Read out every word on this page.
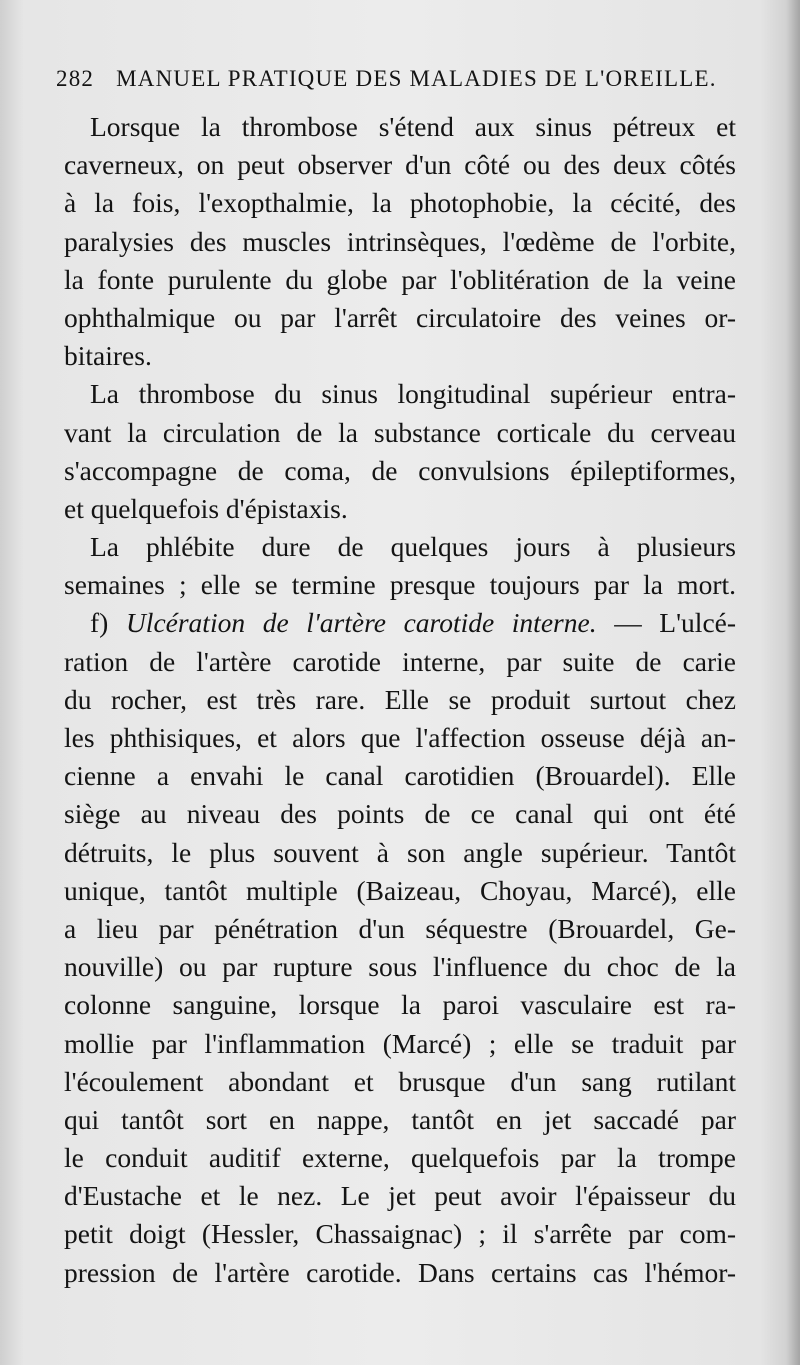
282 MANUEL PRATIQUE DES MALADIES DE L'OREILLE.
Lorsque la thrombose s'étend aux sinus pétreux et
caverneux, on peut observer d'un côté ou des deux côtés
à la fois, l'exopthalmie, la photophobie, la cécité, des
paralysies des muscles intrinsèques, l'œdème de l'orbite,
la fonte purulente du globe par l'oblitération de la veine
ophthalmique ou par l'arrêt circulatoire des veines or-
bitaires.
La thrombose du sinus longitudinal supérieur entra-
vant la circulation de la substance corticale du cerveau
s'accompagne de coma, de convulsions épileptiformes,
et quelquefois d'épistaxis.
La phlébite dure de quelques jours à plusieurs
semaines ; elle se termine presque toujours par la mort.
f) Ulcération de l'artère carotide interne. — L'ulcé-
ration de l'artère carotide interne, par suite de carie
du rocher, est très rare. Elle se produit surtout chez
les phthisiques, et alors que l'affection osseuse déjà an-
cienne a envahi le canal carotidien (Brouardel). Elle
siège au niveau des points de ce canal qui ont été
détruits, le plus souvent à son angle supérieur. Tantôt
unique, tantôt multiple (Baizeau, Choyau, Marcé), elle
a lieu par pénétration d'un séquestre (Brouardel, Ge-
nouville) ou par rupture sous l'influence du choc de la
colonne sanguine, lorsque la paroi vasculaire est ra-
mollie par l'inflammation (Marcé) ; elle se traduit par
l'écoulement abondant et brusque d'un sang rutilant
qui tantôt sort en nappe, tantôt en jet saccadé par
le conduit auditif externe, quelquefois par la trompe
d'Eustache et le nez. Le jet peut avoir l'épaisseur du
petit doigt (Hessler, Chassaignac) ; il s'arrête par com-
pression de l'artère carotide. Dans certains cas l'hémor-
